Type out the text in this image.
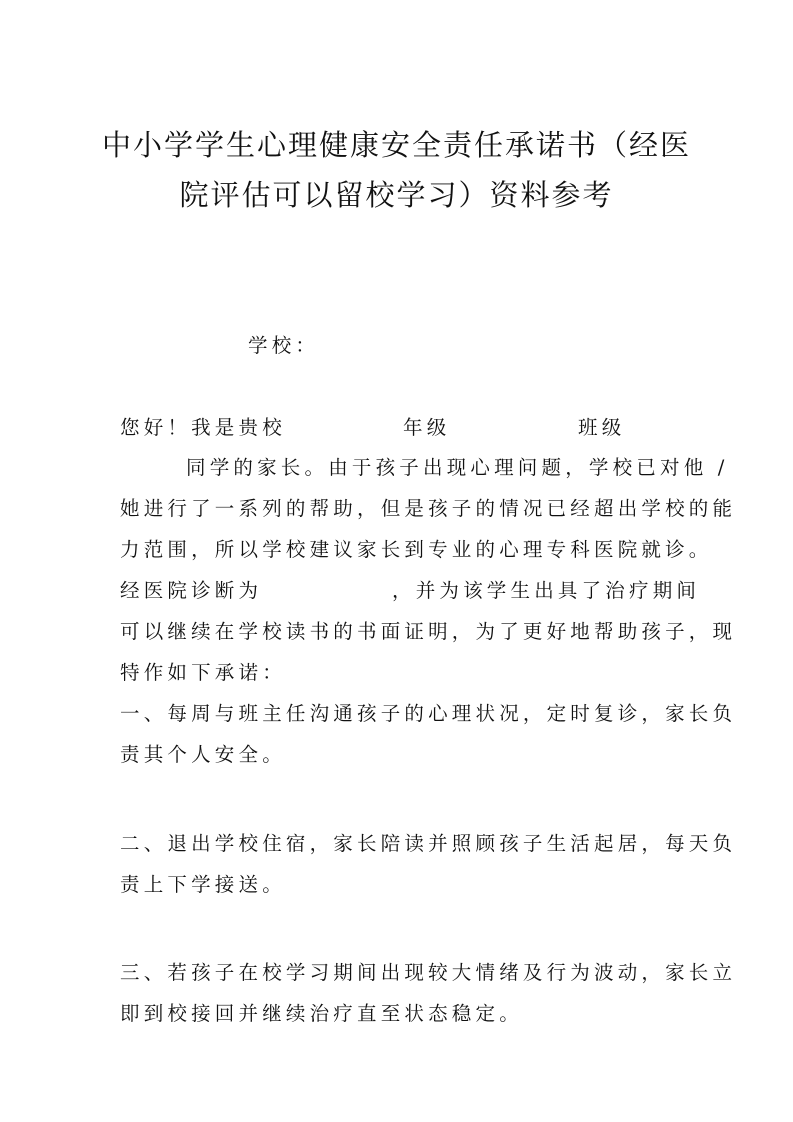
中小学学生心理健康安全责任承诺书（经医
院评估可以留校学习）资料参考
学校：
您好！我是贵校	年级	班级
同学的家长。由于孩子出现心理问题，学校已对他 /
她进行了一系列的帮助，但是孩子的情况已经超出学校的能
力范围，所以学校建议家长到专业的心理专科医院就诊。
经医院诊断为	，并为该学生出具了治疗期间
可以继续在学校读书的书面证明，为了更好地帮助孩子，现
特作如下承诺：
一、每周与班主任沟通孩子的心理状况，定时复诊，家长负
责其个人安全。
二、退出学校住宿，家长陪读并照顾孩子生活起居，每天负
责上下学接送。
三、若孩子在校学习期间出现较大情绪及行为波动，家长立
即到校接回并继续治疗直至状态稳定。
